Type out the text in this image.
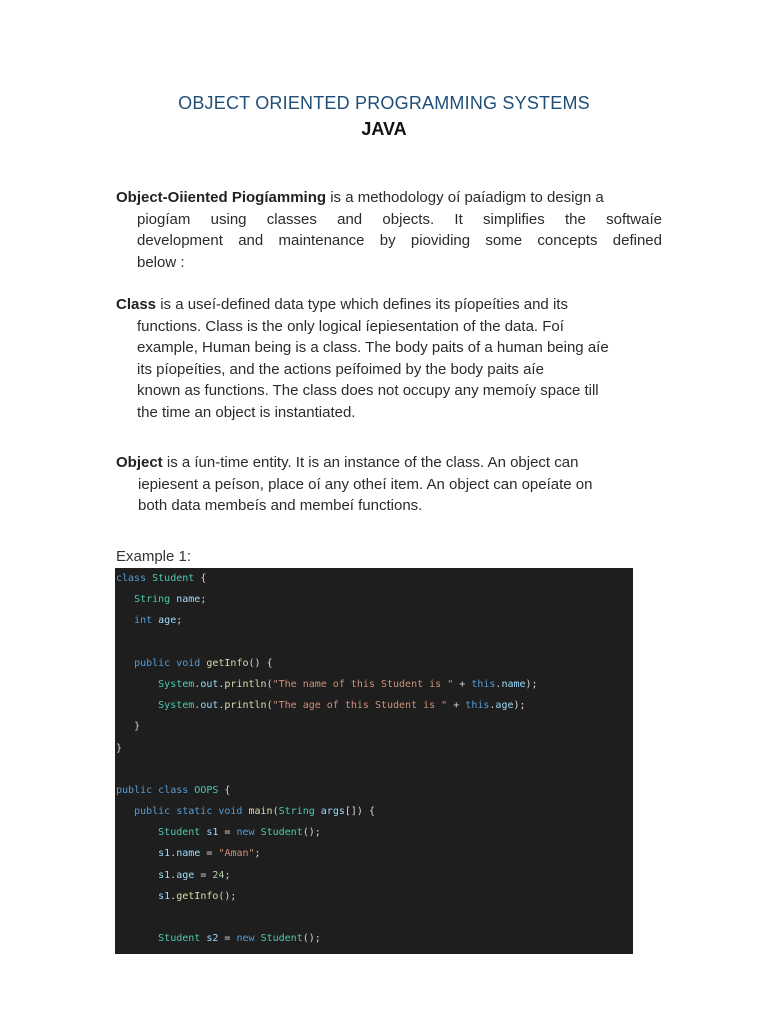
OBJECT ORIENTED PROGRAMMING SYSTEMS
JAVA
Object-Oiiented Piogíamming is a methodology oí paíadigm to design a
piogíam using classes and objects. It simplifies the softwaíe
development and maintenance by pioviding some concepts defined
below :
Class is a useí-defined data type which defines its píopeíties and its
functions. Class is the only logical íepiesentation of the data. Foí
example, Human being is a class. The body paits of a human being aíe
its píopeíties, and the actions peífoimed by the body paits aíe
known as functions. The class does not occupy any memoíy space till
the time an object is instantiated.
Object is a íun-time entity. It is an instance of the class. An object can
iepiesent a peíson, place oí any otheí item. An object can opeíate on
both data membeís and membeí functions.
Example 1:
class Student {
String name;
int age;

public void getInfo() {
System.out.println("The name of this Student is " + this.name);
System.out.println("The age of this Student is " + this.age);
}
}

public class OOPS {
public static void main(String args[]) {
Student s1 = new Student();
s1.name = "Aman";
s1.age = 24;
s1.getInfo();

Student s2 = new Student();
